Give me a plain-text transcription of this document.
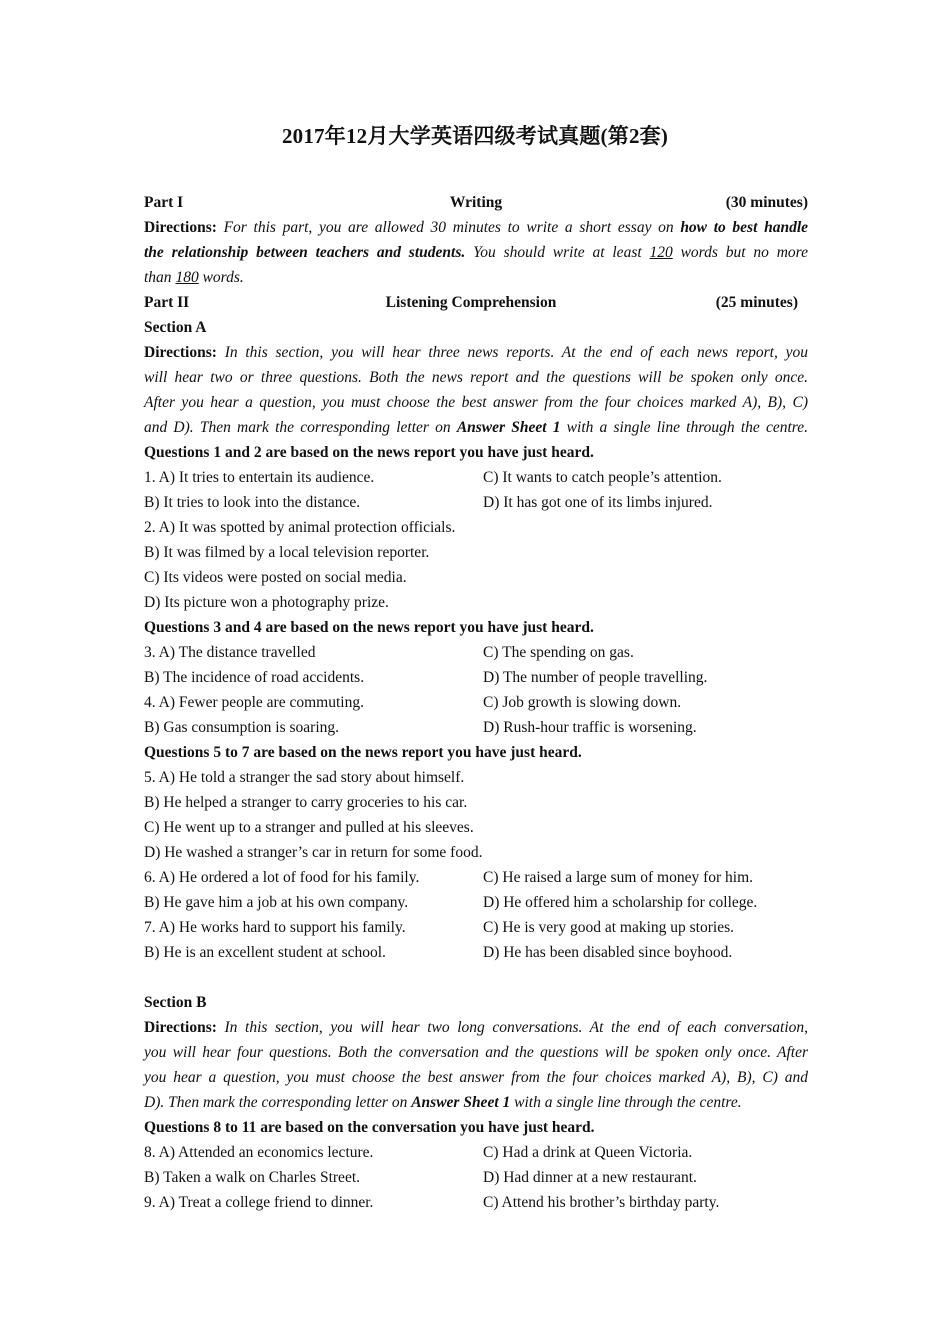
2017年12月大学英语四级考试真题(第2套)
Part I	Writing	(30 minutes)
Directions: For this part, you are allowed 30 minutes to write a short essay on how to best handle
the relationship between teachers and students. You should write at least 120 words but no more
than 180 words.
Part II	Listening Comprehension	(25 minutes)
Section A
Directions: In this section, you will hear three news reports. At the end of each news report, you
will hear two or three questions. Both the news report and the questions will be spoken only once.
After you hear a question, you must choose the best answer from the four choices marked A), B), C)
and D). Then mark the corresponding letter on Answer Sheet 1 with a single line through the centre.
Questions 1 and 2 are based on the news report you have just heard.
1. A) It tries to entertain its audience.	C) It wants to catch people’s attention.
B) It tries to look into the distance.	D) It has got one of its limbs injured.
2. A) It was spotted by animal protection officials.
B) It was filmed by a local television reporter.
C) Its videos were posted on social media.
D) Its picture won a photography prize.
Questions 3 and 4 are based on the news report you have just heard.
3. A) The distance travelled	C) The spending on gas.
B) The incidence of road accidents.	D) The number of people travelling.
4. A) Fewer people are commuting.	C) Job growth is slowing down.
B) Gas consumption is soaring.	D) Rush-hour traffic is worsening.
Questions 5 to 7 are based on the news report you have just heard.
5. A) He told a stranger the sad story about himself.
B) He helped a stranger to carry groceries to his car.
C) He went up to a stranger and pulled at his sleeves.
D) He washed a stranger’s car in return for some food.
6. A) He ordered a lot of food for his family.	C) He raised a large sum of money for him.
B) He gave him a job at his own company.	D) He offered him a scholarship for college.
7. A) He works hard to support his family.	C) He is very good at making up stories.
B) He is an excellent student at school.	D) He has been disabled since boyhood.
Section B
Directions: In this section, you will hear two long conversations. At the end of each conversation,
you will hear four questions. Both the conversation and the questions will be spoken only once. After
you hear a question, you must choose the best answer from the four choices marked A), B), C) and
D). Then mark the corresponding letter on Answer Sheet 1 with a single line through the centre.
Questions 8 to 11 are based on the conversation you have just heard.
8. A) Attended an economics lecture.	C) Had a drink at Queen Victoria.
B) Taken a walk on Charles Street.	D) Had dinner at a new restaurant.
9. A) Treat a college friend to dinner.	C) Attend his brother’s birthday party.
